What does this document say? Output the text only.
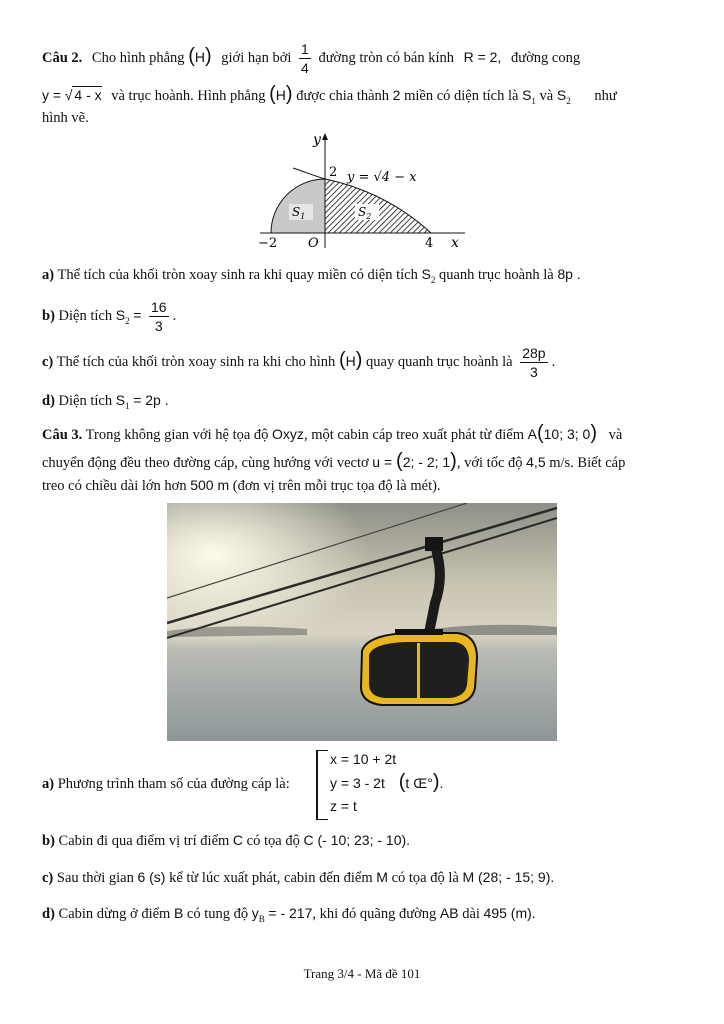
Câu 2. Cho hình phẳng (H) giới hạn bởi $\frac{1}{4}$ đường tròn có bán kính R = 2, đường cong
y = √ 4 - x và trục hoành. Hình phẳng (H) được chia thành 2 miền có diện tích là $S_1$ và $S_2$ như
hình vẽ.
y
x
2
−2 O	4
y = √4 − x
$S_1$	$S_2$
a) Thể tích của khối tròn xoay sinh ra khi quay miền có diện tích $S_2$ quanh trục hoành là 8p .
b) Diện tích $S_2 = \frac{16}{3}$ .
c) Thể tích của khối tròn xoay sinh ra khi cho hình (H) quay quanh trục hoành là $\frac{28p}{3}$ .
d) Diện tích $S_1 = 2p$ .
Câu 3. Trong không gian với hệ tọa độ Oxyz, một cabin cáp treo xuất phát từ điểm A(10; 3; 0) và
chuyển động đều theo đường cáp, cùng hướng với vectơ u = (2; - 2; 1), với tốc độ 4,5 m/s. Biết cáp
treo có chiều dài lớn hơn 500 m (đơn vị trên mỗi trục tọa độ là mét).
a) Phương trình tham số của đường cáp là:
x = 10 + 2t
y = 3 - 2t (t Œ°).
z = t
b) Cabin đi qua điểm vị trí điểm C có tọa độ C (- 10; 23; - 10).
c) Sau thời gian 6 (s) kể từ lúc xuất phát, cabin đến điểm M có tọa độ là M (28; - 15; 9).
d) Cabin dừng ở điểm B có tung độ $y_B$ = - 217, khi đó quãng đường AB dài 495 (m).
Trang 3/4 - Mã đề 101
